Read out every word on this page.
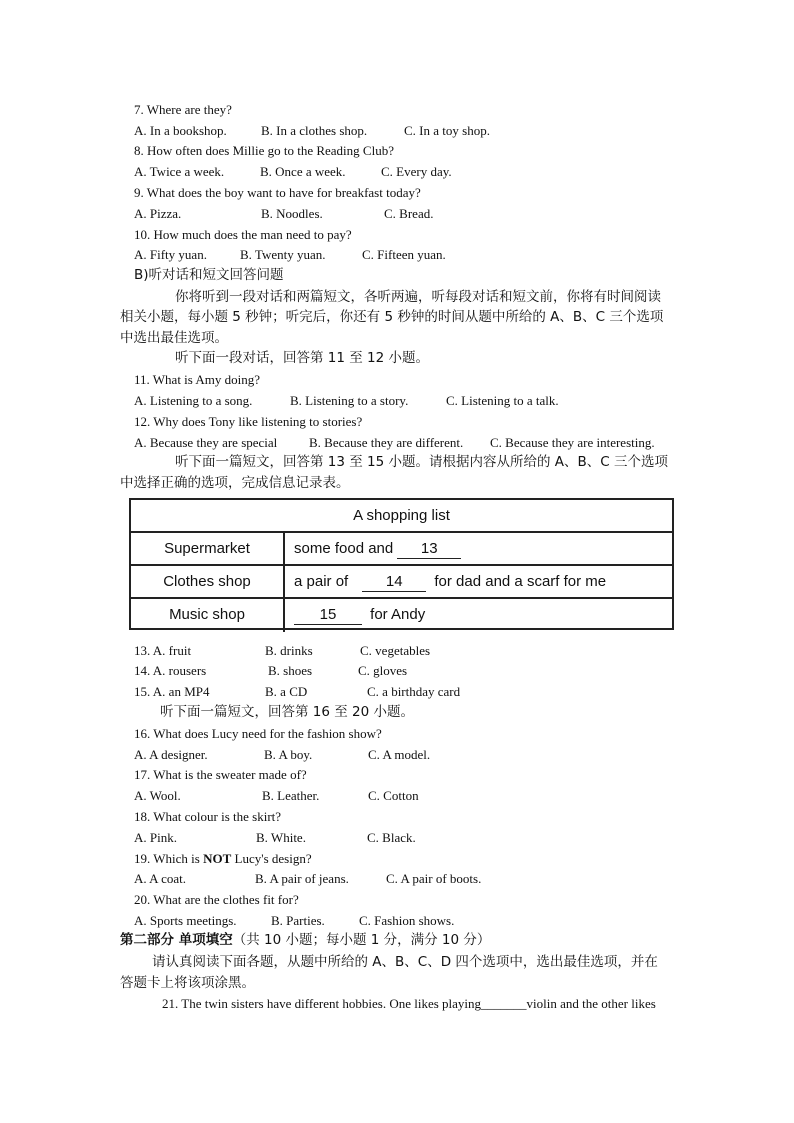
7. Where are they?
A. In a bookshop.	B. In a clothes shop.	C. In a toy shop.
8. How often does Millie go to the Reading Club?
A. Twice a week.	B. Once a week.	C. Every day.
9. What does the boy want to have for breakfast today?
A. Pizza.	B. Noodles.	C. Bread.
10. How much does the man need to pay?
A. Fifty yuan.	B. Twenty yuan.	C. Fifteen yuan.
B)听对话和短文回答问题
你将听到一段对话和两篇短文，各听两遍，听每段对话和短文前，你将有时间阅读
相关小题，每小题 5 秒钟；听完后，你还有 5 秒钟的时间从题中所给的 A、B、C 三个选项
中选出最佳选项。
听下面一段对话，回答第 11 至 12 小题。
11. What is Amy doing?
A. Listening to a song.	B. Listening to a story.	C. Listening to a talk.
12. Why does Tony like listening to stories?
A. Because they are special B. Because they are different. C. Because they are interesting.
听下面一篇短文，回答第 13 至 15 小题。请根据内容从所给的 A、B、C 三个选项
中选择正确的选项，完成信息记录表。
A shopping list
Supermarket	some food and 13
Clothes shop	a pair of	14 for dad and a scarf for me
Music shop	15 for Andy
13. A. fruit	B. drinks	C. vegetables
14. A. rousers	B. shoes	C. gloves
15. A. an MP4	B. a CD	C. a birthday card
听下面一篇短文，回答第 16 至 20 小题。
16. What does Lucy need for the fashion show?
A. A designer.	B. A boy.	C. A model.
17. What is the sweater made of?
A. Wool.	B. Leather.	C. Cotton
18. What colour is the skirt?
A. Pink.	B. White.	C. Black.
19. Which is NOT Lucy's design?
A. A coat.	B. A pair of jeans.	C. A pair of boots.
20. What are the clothes fit for?
A. Sports meetings.	B. Parties.	C. Fashion shows.
第二部分 单项填空（共 10 小题；每小题 1 分，满分 10 分）
请认真阅读下面各题，从题中所给的 A、B、C、D 四个选项中，选出最佳选项，并在
答题卡上将该项涂黑。
21. The twin sisters have different hobbies. One likes playing_______violin and the other likes
